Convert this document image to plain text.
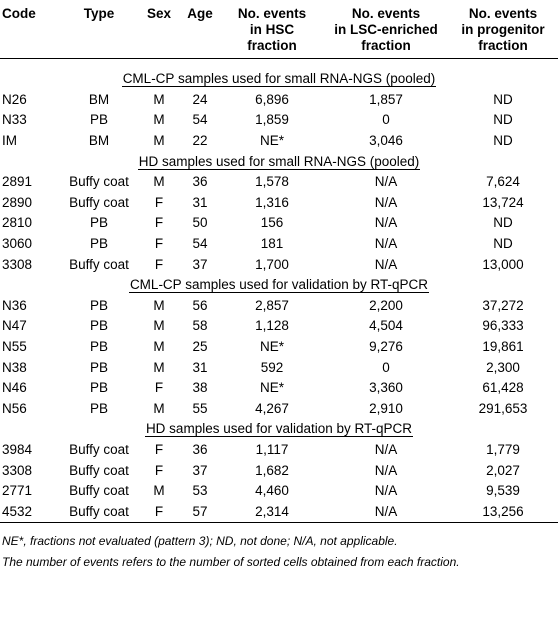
Code	Type	Sex	Age	No. events
in HSC
fraction	No. events
in LSC-enriched
fraction	No. events
in progenitor
fraction
CML-CP samples used for small RNA-NGS (pooled)						
N26	BM	M	24	6,896	1,857	ND
N33	PB	M	54	1,859	0	ND
IM	BM	M	22	NE*	3,046	ND
HD samples used for small RNA-NGS (pooled)						
2891	Buffy coat	M	36	1,578	N/A	7,624
2890	Buffy coat	F	31	1,316	N/A	13,724
2810	PB	F	50	156	N/A	ND
3060	PB	F	54	181	N/A	ND
3308	Buffy coat	F	37	1,700	N/A	13,000
CML-CP samples used for validation by RT-qPCR						
N36	PB	M	56	2,857	2,200	37,272
N47	PB	M	58	1,128	4,504	96,333
N55	PB	M	25	NE*	9,276	19,861
N38	PB	M	31	592	0	2,300
N46	PB	F	38	NE*	3,360	61,428
N56	PB	M	55	4,267	2,910	291,653
HD samples used for validation by RT-qPCR						
3984	Buffy coat	F	36	1,117	N/A	1,779
3308	Buffy coat	F	37	1,682	N/A	2,027
2771	Buffy coat	M	53	4,460	N/A	9,539
4532	Buffy coat	F	57	2,314	N/A	13,256
NE*, fractions not evaluated (pattern 3); ND, not done; N/A, not applicable.
The number of events refers to the number of sorted cells obtained from each fraction.
